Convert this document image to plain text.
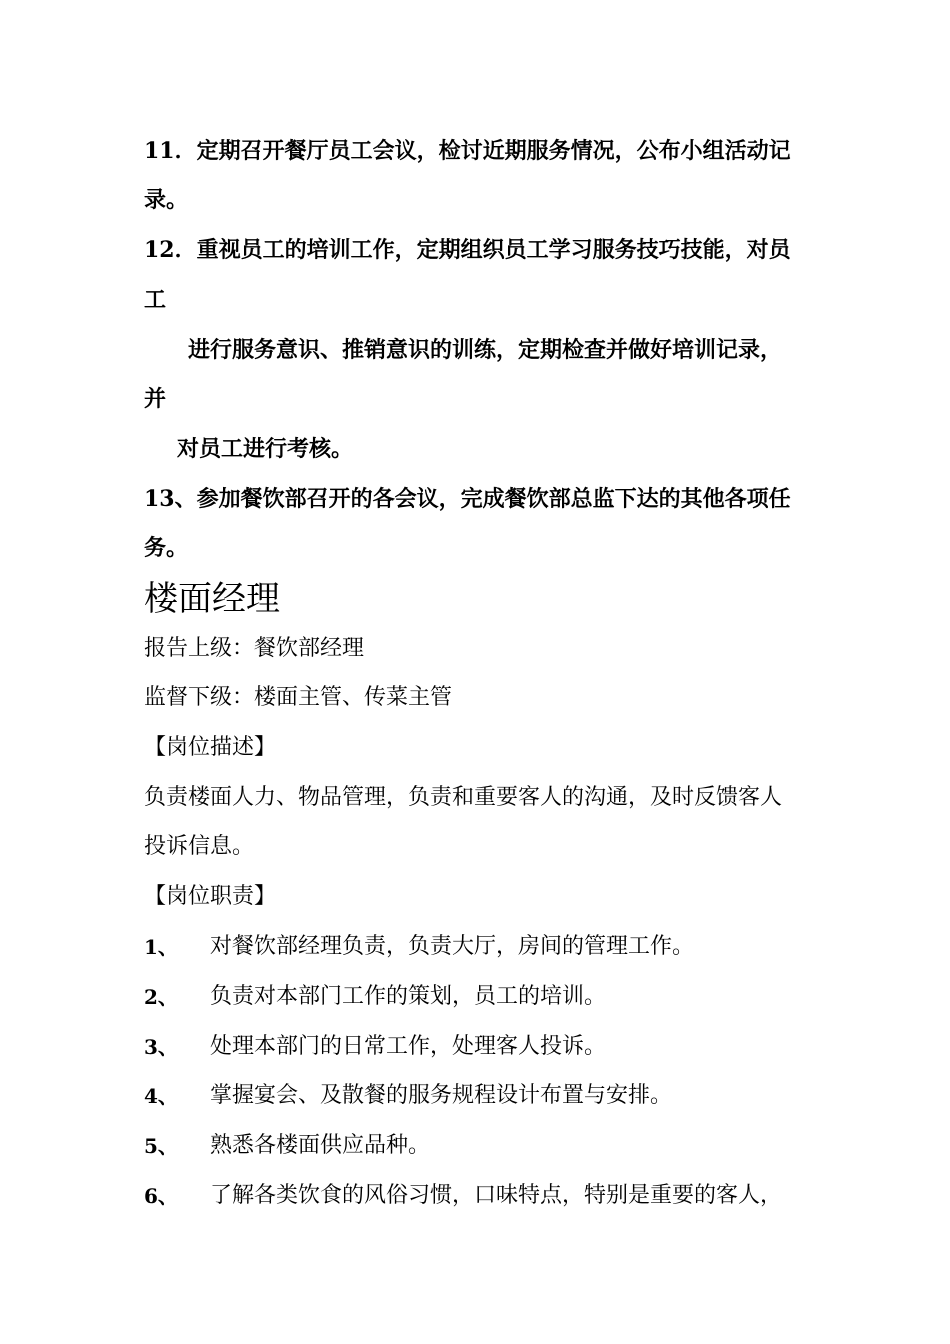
11．定期召开餐厅员工会议，检讨近期服务情况，公布小组活动记
录。
12．重视员工的培训工作，定期组织员工学习服务技巧技能，对员
工
进行服务意识、推销意识的训练，定期检查并做好培训记录，
并
对员工进行考核。
13、参加餐饮部召开的各会议，完成餐饮部总监下达的其他各项任
务。
楼面经理
报告上级：餐饮部经理
监督下级：楼面主管、传菜主管
【岗位描述】
负责楼面人力、物品管理，负责和重要客人的沟通，及时反馈客人
投诉信息。
【岗位职责】
1、 对餐饮部经理负责，负责大厅，房间的管理工作。
2、 负责对本部门工作的策划，员工的培训。
3、 处理本部门的日常工作，处理客人投诉。
4、 掌握宴会、及散餐的服务规程设计布置与安排。
5、 熟悉各楼面供应品种。
6、 了解各类饮食的风俗习惯，口味特点，特别是重要的客人，
